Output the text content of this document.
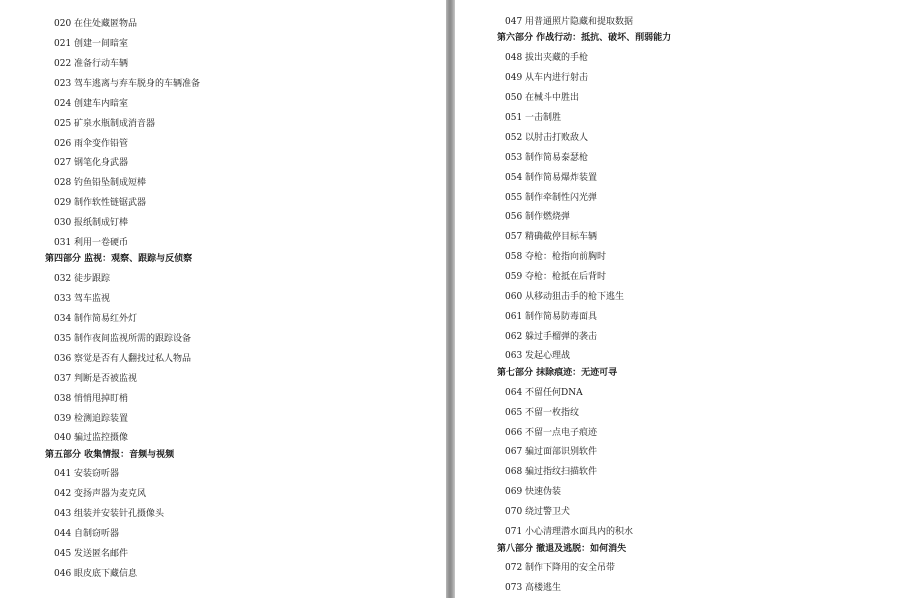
020 在住处藏匿物品
021 创建一间暗室
022 准备行动车辆
023 驾车逃离与弃车脱身的车辆准备
024 创建车内暗室
025 矿泉水瓶制成消音器
026 雨伞变作铅管
027 钢笔化身武器
028 钓鱼铅坠制成短棒
029 制作软性链锯武器
030 报纸制成钉棒
031 利用一卷硬币
第四部分 监视：观察、跟踪与反侦察
032 徒步跟踪
033 驾车监视
034 制作简易红外灯
035 制作夜间监视所需的跟踪设备
036 察觉是否有人翻找过私人物品
037 判断是否被监视
038 悄悄甩掉盯梢
039 检测追踪装置
040 骗过监控摄像
第五部分 收集情报：音频与视频
041 安装窃听器
042 变扬声器为麦克风
043 组装并安装针孔摄像头
044 自制窃听器
045 发送匿名邮件
046 眼皮底下藏信息
047 用普通照片隐藏和提取数据
第六部分 作战行动：抵抗、破坏、削弱能力
048 拔出夹藏的手枪
049 从车内进行射击
050 在械斗中胜出
051 一击制胜
052 以肘击打败敌人
053 制作简易泰瑟枪
054 制作简易爆炸装置
055 制作牵制性闪光弹
056 制作燃烧弹
057 精确截停目标车辆
058 夺枪：枪指向前胸时
059 夺枪：枪抵在后背时
060 从移动狙击手的枪下逃生
061 制作简易防毒面具
062 躲过手榴弹的袭击
063 发起心理战
第七部分 抹除痕迹：无迹可寻
064 不留任何DNA
065 不留一枚指纹
066 不留一点电子痕迹
067 骗过面部识别软件
068 骗过指纹扫描软件
069 快速伪装
070 绕过警卫犬
071 小心清理潜水面具内的积水
第八部分 撤退及逃脱：如何消失
072 制作下降用的安全吊带
073 高楼逃生
